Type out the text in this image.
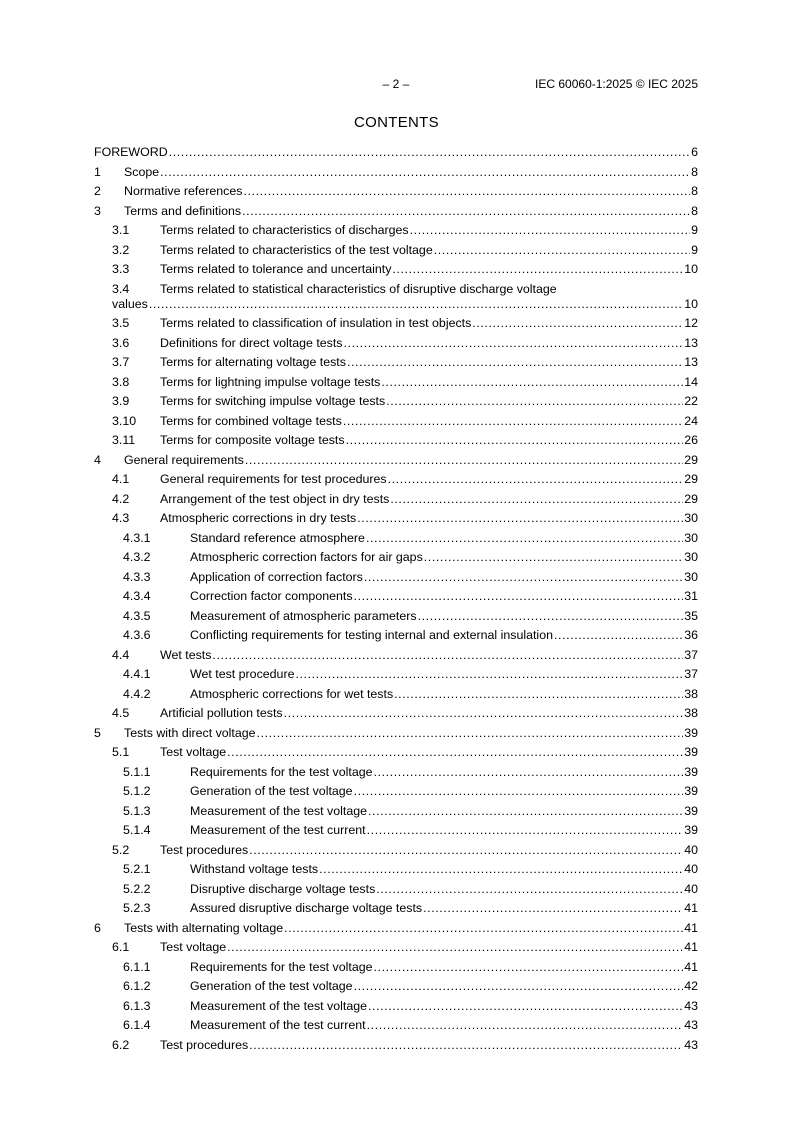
– 2 –	IEC 60060-1:2025 © IEC 2025
CONTENTS
FOREWORD .....	6
1	Scope .....	8
2	Normative references .....	8
3	Terms and definitions .....	8
3.1	Terms related to characteristics of discharges .....	9
3.2	Terms related to characteristics of the test voltage .....	9
3.3	Terms related to tolerance and uncertainty .....	10
3.4	Terms related to statistical characteristics of disruptive discharge voltage
values .....	10
3.5	Terms related to classification of insulation in test objects .....	12
3.6	Definitions for direct voltage tests .....	13
3.7	Terms for alternating voltage tests .....	13
3.8	Terms for lightning impulse voltage tests .....	14
3.9	Terms for switching impulse voltage tests .....	22
3.10	Terms for combined voltage tests .....	24
3.11	Terms for composite voltage tests .....	26
4	General requirements .....	29
4.1	General requirements for test procedures .....	29
4.2	Arrangement of the test object in dry tests .....	29
4.3	Atmospheric corrections in dry tests .....	30
4.3.1	Standard reference atmosphere .....	30
4.3.2	Atmospheric correction factors for air gaps .....	30
4.3.3	Application of correction factors .....	30
4.3.4	Correction factor components .....	31
4.3.5	Measurement of atmospheric parameters .....	35
4.3.6	Conflicting requirements for testing internal and external insulation .....	36
4.4	Wet tests .....	37
4.4.1	Wet test procedure .....	37
4.4.2	Atmospheric corrections for wet tests .....	38
4.5	Artificial pollution tests .....	38
5	Tests with direct voltage .....	39
5.1	Test voltage .....	39
5.1.1	Requirements for the test voltage .....	39
5.1.2	Generation of the test voltage .....	39
5.1.3	Measurement of the test voltage .....	39
5.1.4	Measurement of the test current .....	39
5.2	Test procedures .....	40
5.2.1	Withstand voltage tests .....	40
5.2.2	Disruptive discharge voltage tests .....	40
5.2.3	Assured disruptive discharge voltage tests .....	41
6	Tests with alternating voltage .....	41
6.1	Test voltage .....	41
6.1.1	Requirements for the test voltage .....	41
6.1.2	Generation of the test voltage .....	42
6.1.3	Measurement of the test voltage .....	43
6.1.4	Measurement of the test current .....	43
6.2	Test procedures .....	43
